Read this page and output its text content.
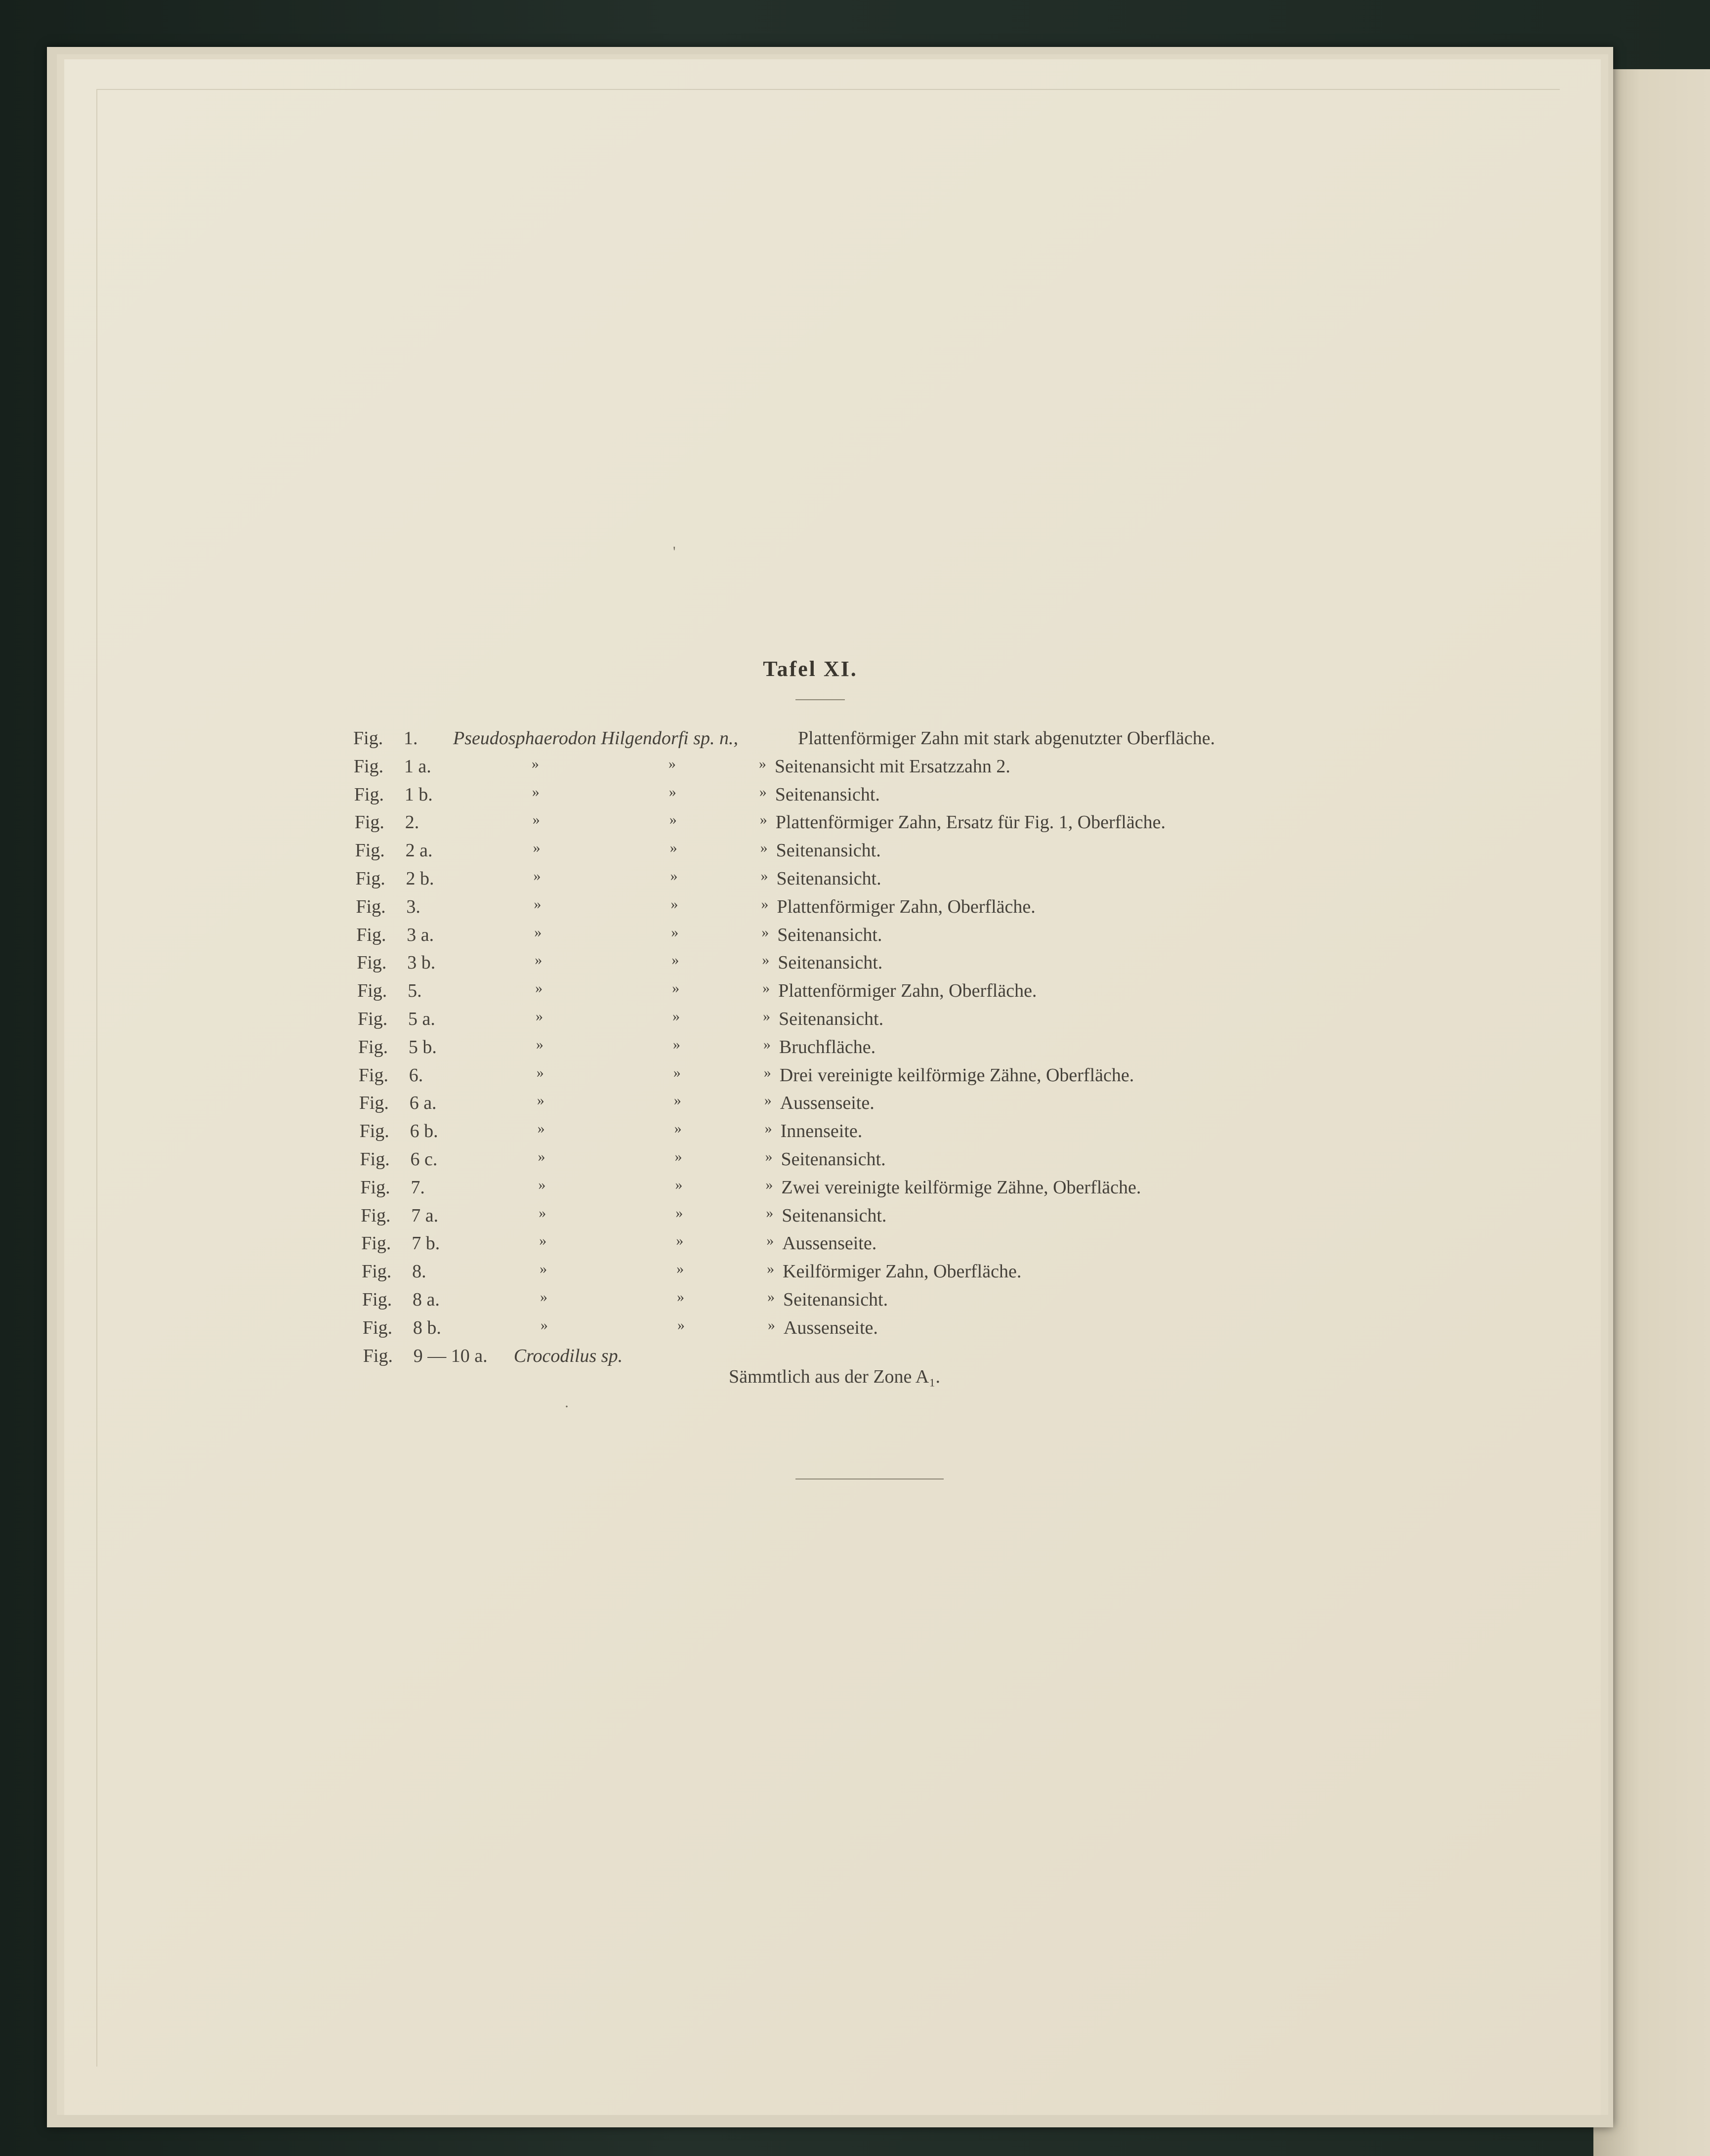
Tafel XI.
Fig. 1. Pseudosphaerodon Hilgendorfi sp. n.,	Plattenförmiger Zahn mit stark abgenutzter Oberfläche.
Fig. 1 a.	»	»	» Seitenansicht mit Ersatzzahn 2.
Fig. 1 b.	»	»	» Seitenansicht.
Fig. 2.	»	»	» Plattenförmiger Zahn, Ersatz für Fig. 1, Oberfläche.
Fig. 2 a.	»	»	» Seitenansicht.
Fig. 2 b.	»	»	» Seitenansicht.
Fig. 3.	»	»	» Plattenförmiger Zahn, Oberfläche.
Fig. 3 a.	»	»	» Seitenansicht.
Fig. 3 b.	»	»	» Seitenansicht.
Fig. 5.	»	»	» Plattenförmiger Zahn, Oberfläche.
Fig. 5 a.	»	»	» Seitenansicht.
Fig. 5 b.	»	»	» Bruchfläche.
Fig. 6.	»	»	» Drei vereinigte keilförmige Zähne, Oberfläche.
Fig. 6 a.	»	»	» Aussenseite.
Fig. 6 b.	»	»	» Innenseite.
Fig. 6 c.	»	»	» Seitenansicht.
Fig. 7.	»	»	» Zwei vereinigte keilförmige Zähne, Oberfläche.
Fig. 7 a.	»	»	» Seitenansicht.
Fig. 7 b.	»	»	» Aussenseite.
Fig. 8.	»	»	» Keilförmiger Zahn, Oberfläche.
Fig. 8 a.	»	»	» Seitenansicht.
Fig. 8 b.	»	»	» Aussenseite.
Fig. 9 — 10 a. Crocodilus sp.
Sämmtlich aus der Zone A₁.
'
·
